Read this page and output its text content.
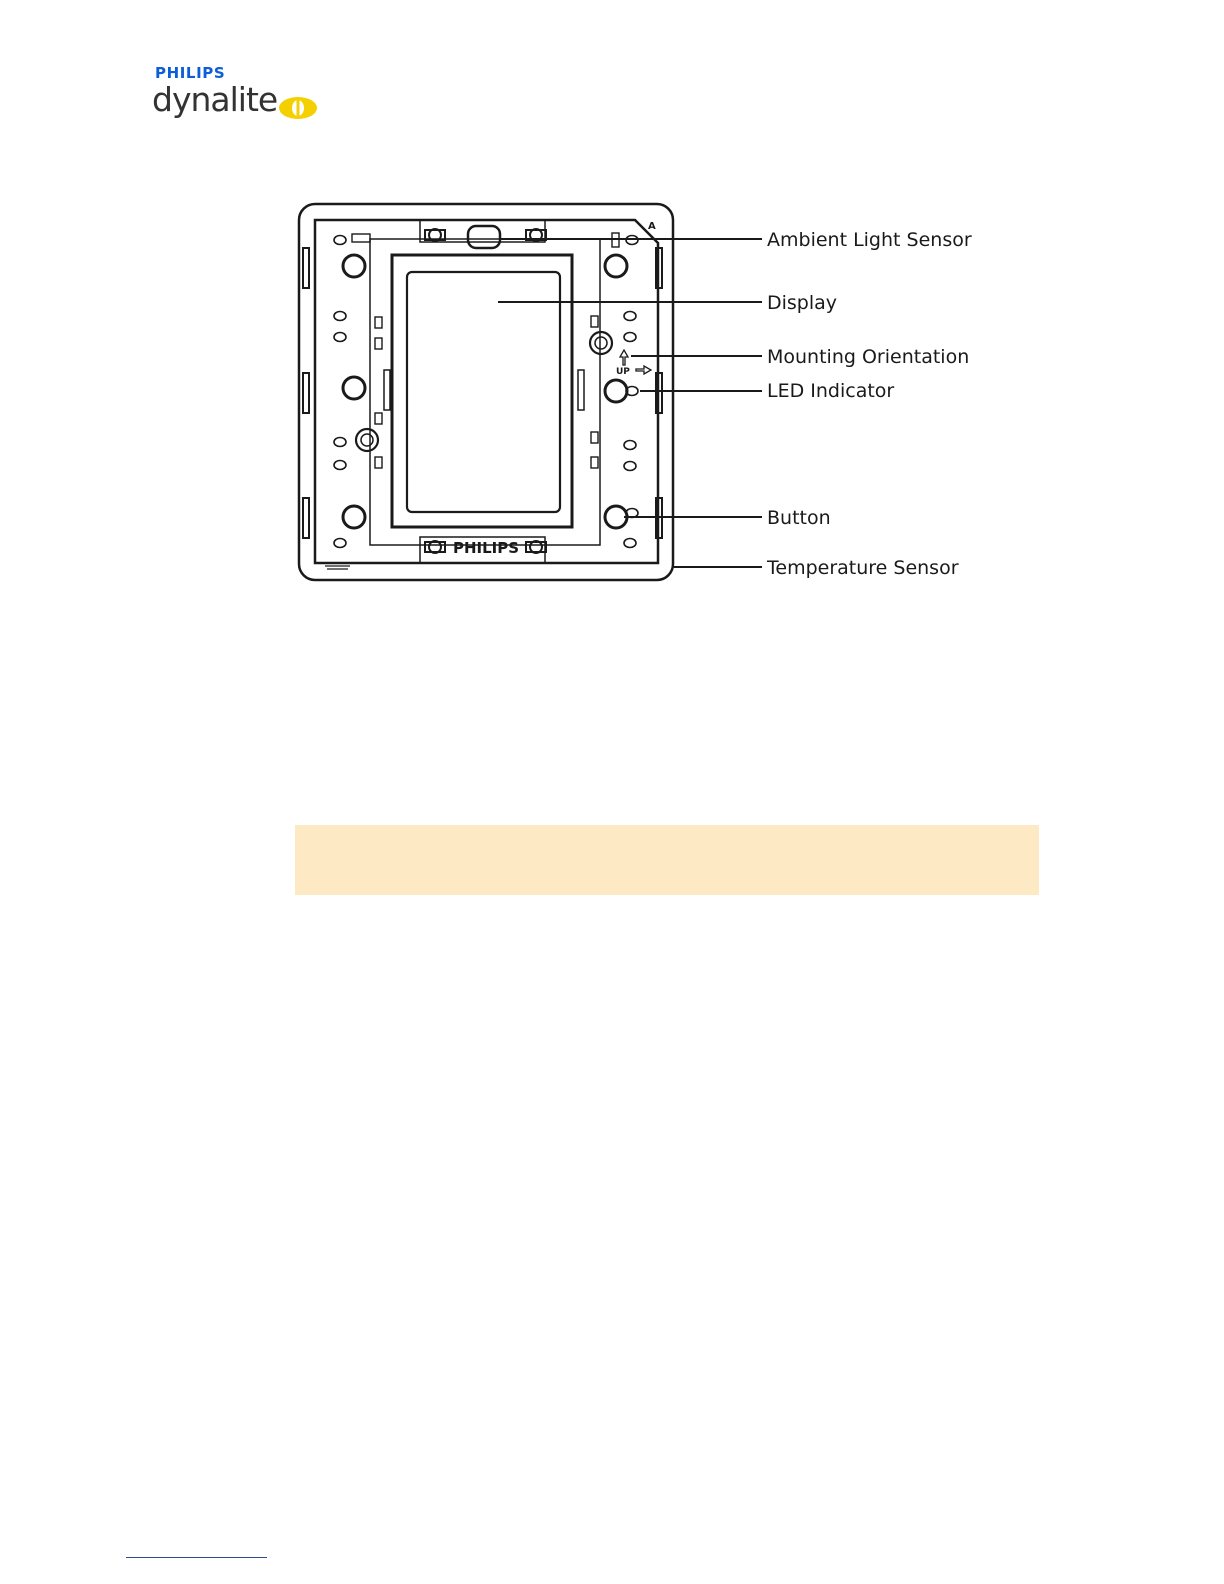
PHILIPS
dynalite
PHILIPS
UP
A
Ambient Light Sensor
Display
Mounting Orientation
LED Indicator
Button
Temperature Sensor
